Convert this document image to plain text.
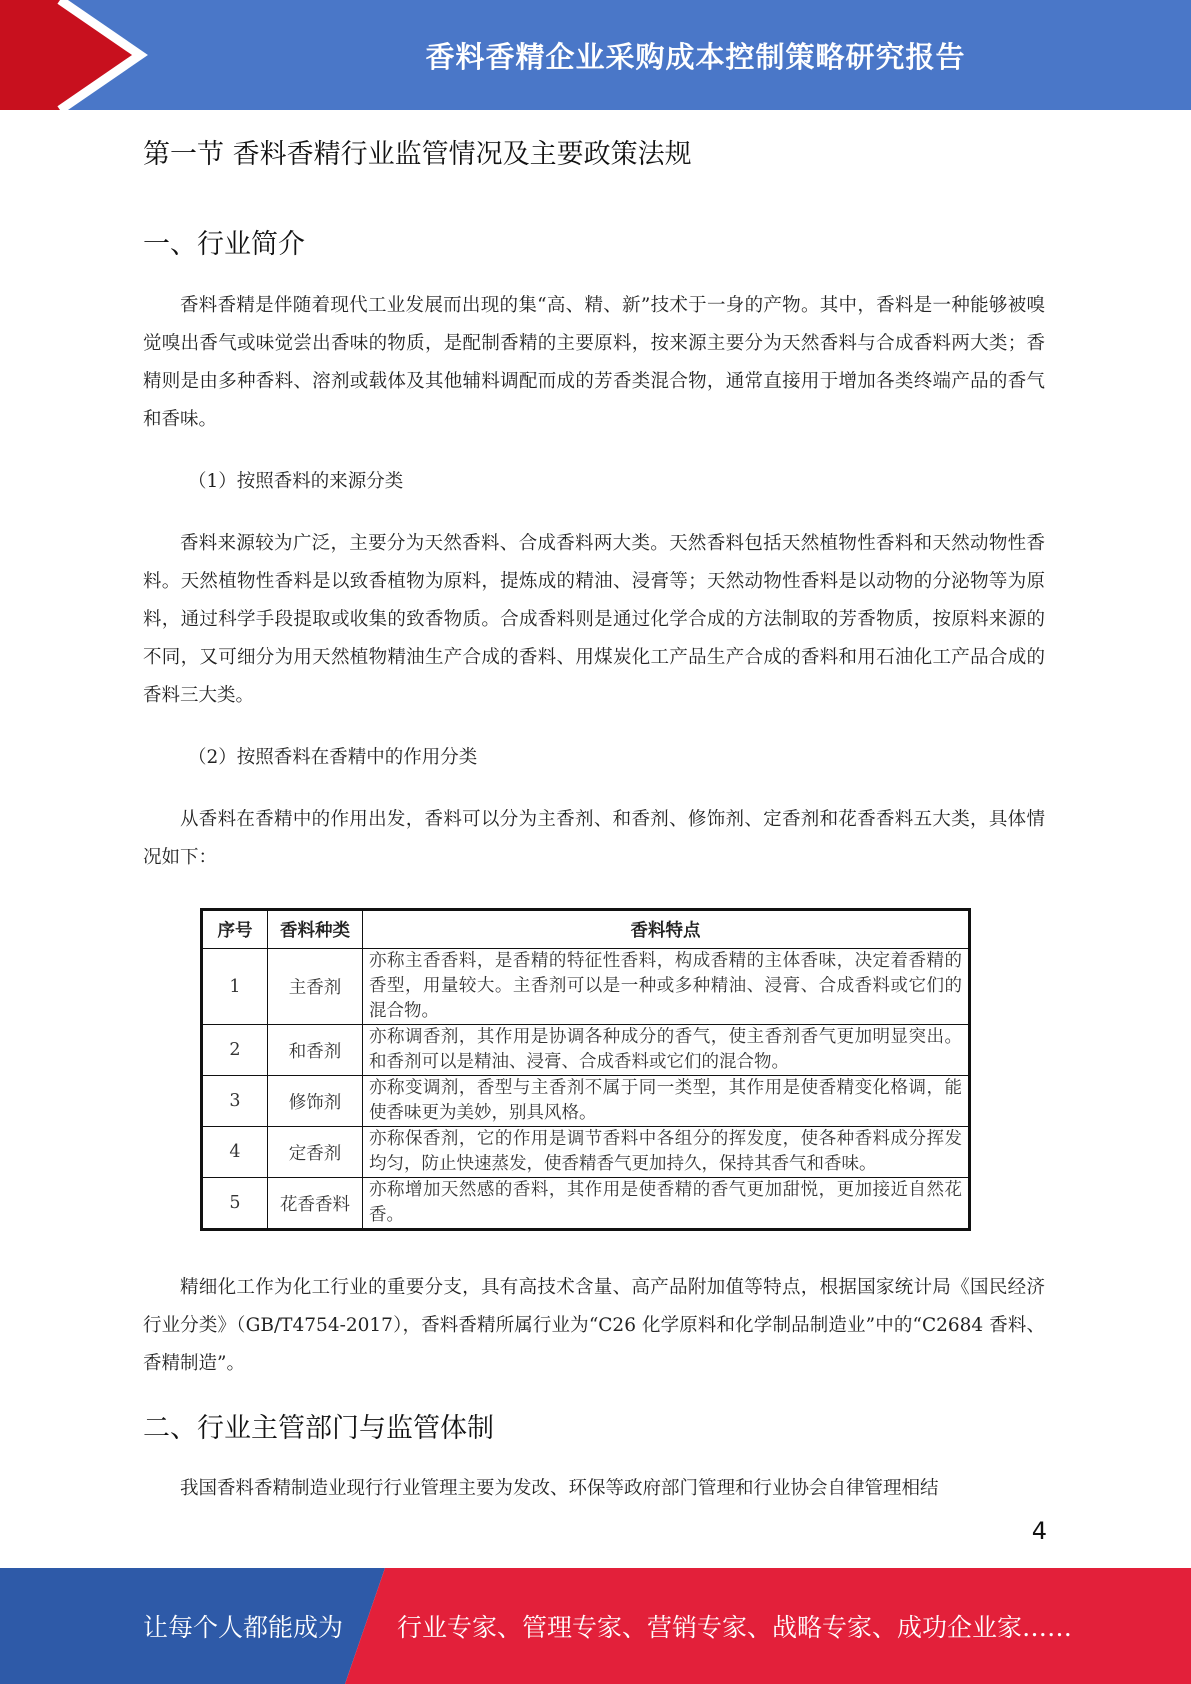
香料香精企业采购成本控制策略研究报告
第一节 香料香精行业监管情况及主要政策法规
一、行业简介

香料香精是伴随着现代工业发展而出现的集“高、精、新”技术于一身的产物。其中，香料是一种能够被嗅觉嗅出香气或味觉尝出香味的物质，是配制香精的主要原料，按来源主要分为天然香料与合成香料两大类；香精则是由多种香料、溶剂或载体及其他辅料调配而成的芳香类混合物，通常直接用于增加各类终端产品的香气和香味。

（1）按照香料的来源分类

香料来源较为广泛，主要分为天然香料、合成香料两大类。天然香料包括天然植物性香料和天然动物性香料。天然植物性香料是以致香植物为原料，提炼成的精油、浸膏等；天然动物性香料是以动物的分泌物等为原料，通过科学手段提取或收集的致香物质。合成香料则是通过化学合成的方法制取的芳香物质，按原料来源的不同，又可细分为用天然植物精油生产合成的香料、用煤炭化工产品生产合成的香料和用石油化工产品合成的香料三大类。

（2）按照香料在香精中的作用分类

从香料在香精中的作用出发，香料可以分为主香剂、和香剂、修饰剂、定香剂和花香香料五大类，具体情况如下：

序号	香料种类	香料特点
1	主香剂	亦称主香香料，是香精的特征性香料，构成香精的主体香味，决定着香精的香型，用量较大。主香剂可以是一种或多种精油、浸膏、合成香料或它们的混合物。
2	和香剂	亦称调香剂，其作用是协调各种成分的香气，使主香剂香气更加明显突出。和香剂可以是精油、浸膏、合成香料或它们的混合物。
3	修饰剂	亦称变调剂，香型与主香剂不属于同一类型，其作用是使香精变化格调，能使香味更为美妙，别具风格。
4	定香剂	亦称保香剂，它的作用是调节香料中各组分的挥发度，使各种香料成分挥发均匀，防止快速蒸发，使香精香气更加持久，保持其香气和香味。
5	花香香料	亦称增加天然感的香料，其作用是使香精的香气更加甜悦，更加接近自然花香。

精细化工作为化工行业的重要分支，具有高技术含量、高产品附加值等特点，根据国家统计局《国民经济行业分类》（GB/T4754-2017），香料香精所属行业为“C26 化学原料和化学制品制造业”中的“C2684 香料、香精制造”。

二、行业主管部门与监管体制

我国香料香精制造业现行行业管理主要为发改、环保等政府部门管理和行业协会自律管理相结

4
让每个人都能成为 行业专家、管理专家、营销专家、战略专家、成功企业家……
